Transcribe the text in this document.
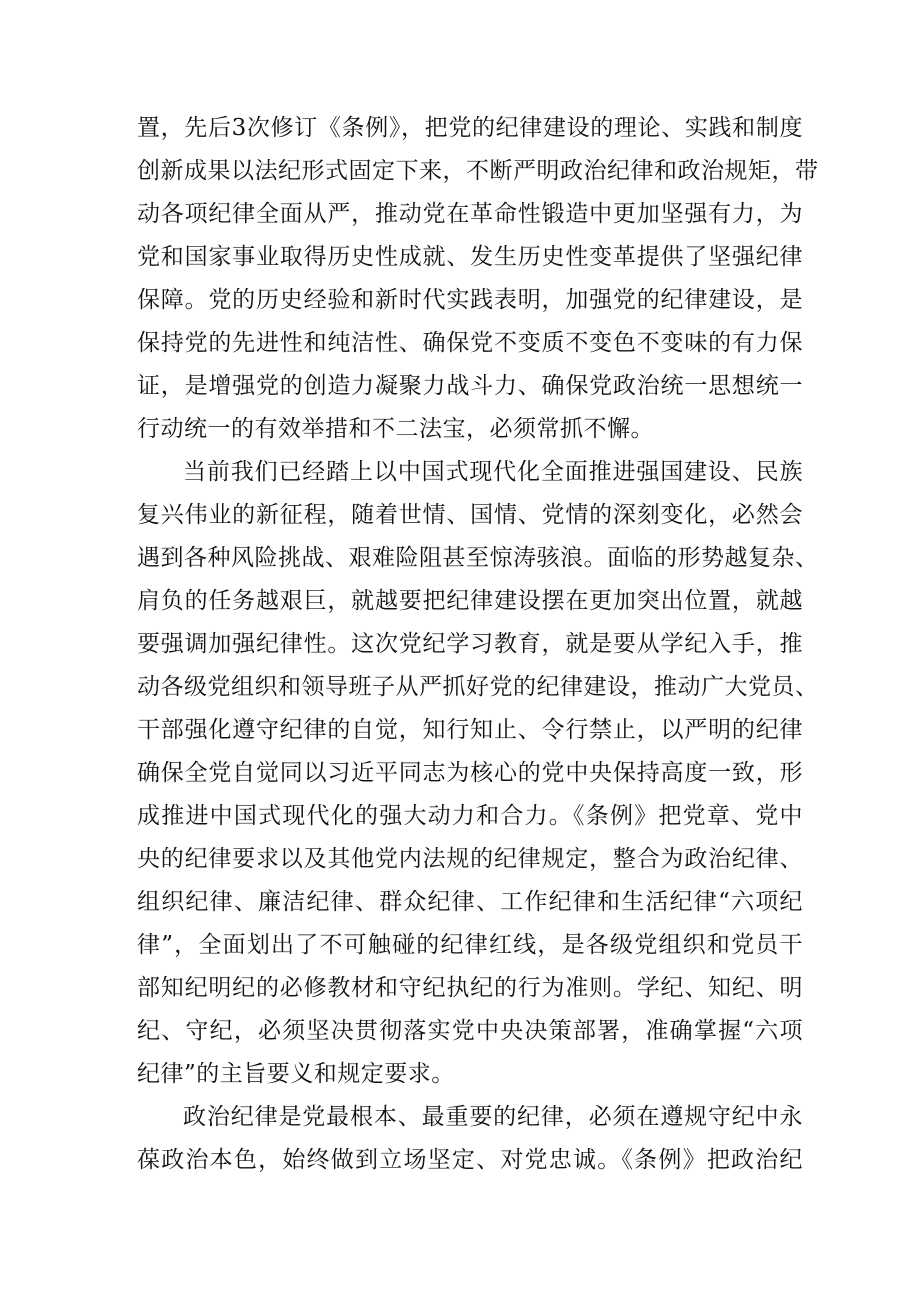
置，先后3次修订《条例》，把党的纪律建设的理论、实践和制度
创新成果以法纪形式固定下来，不断严明政治纪律和政治规矩，带
动各项纪律全面从严，推动党在革命性锻造中更加坚强有力，为
党和国家事业取得历史性成就、发生历史性变革提供了坚强纪律
保障。党的历史经验和新时代实践表明，加强党的纪律建设，是
保持党的先进性和纯洁性、确保党不变质不变色不变味的有力保
证，是增强党的创造力凝聚力战斗力、确保党政治统一思想统一
行动统一的有效举措和不二法宝，必须常抓不懈。
当前我们已经踏上以中国式现代化全面推进强国建设、民族
复兴伟业的新征程，随着世情、国情、党情的深刻变化，必然会
遇到各种风险挑战、艰难险阻甚至惊涛骇浪。面临的形势越复杂、
肩负的任务越艰巨，就越要把纪律建设摆在更加突出位置，就越
要强调加强纪律性。这次党纪学习教育，就是要从学纪入手，推
动各级党组织和领导班子从严抓好党的纪律建设，推动广大党员、
干部强化遵守纪律的自觉，知行知止、令行禁止，以严明的纪律
确保全党自觉同以习近平同志为核心的党中央保持高度一致，形
成推进中国式现代化的强大动力和合力。《条例》把党章、党中
央的纪律要求以及其他党内法规的纪律规定，整合为政治纪律、
组织纪律、廉洁纪律、群众纪律、工作纪律和生活纪律“六项纪
律”，全面划出了不可触碰的纪律红线，是各级党组织和党员干
部知纪明纪的必修教材和守纪执纪的行为准则。学纪、知纪、明
纪、守纪，必须坚决贯彻落实党中央决策部署，准确掌握“六项
纪律”的主旨要义和规定要求。
政治纪律是党最根本、最重要的纪律，必须在遵规守纪中永
葆政治本色，始终做到立场坚定、对党忠诚。《条例》把政治纪
